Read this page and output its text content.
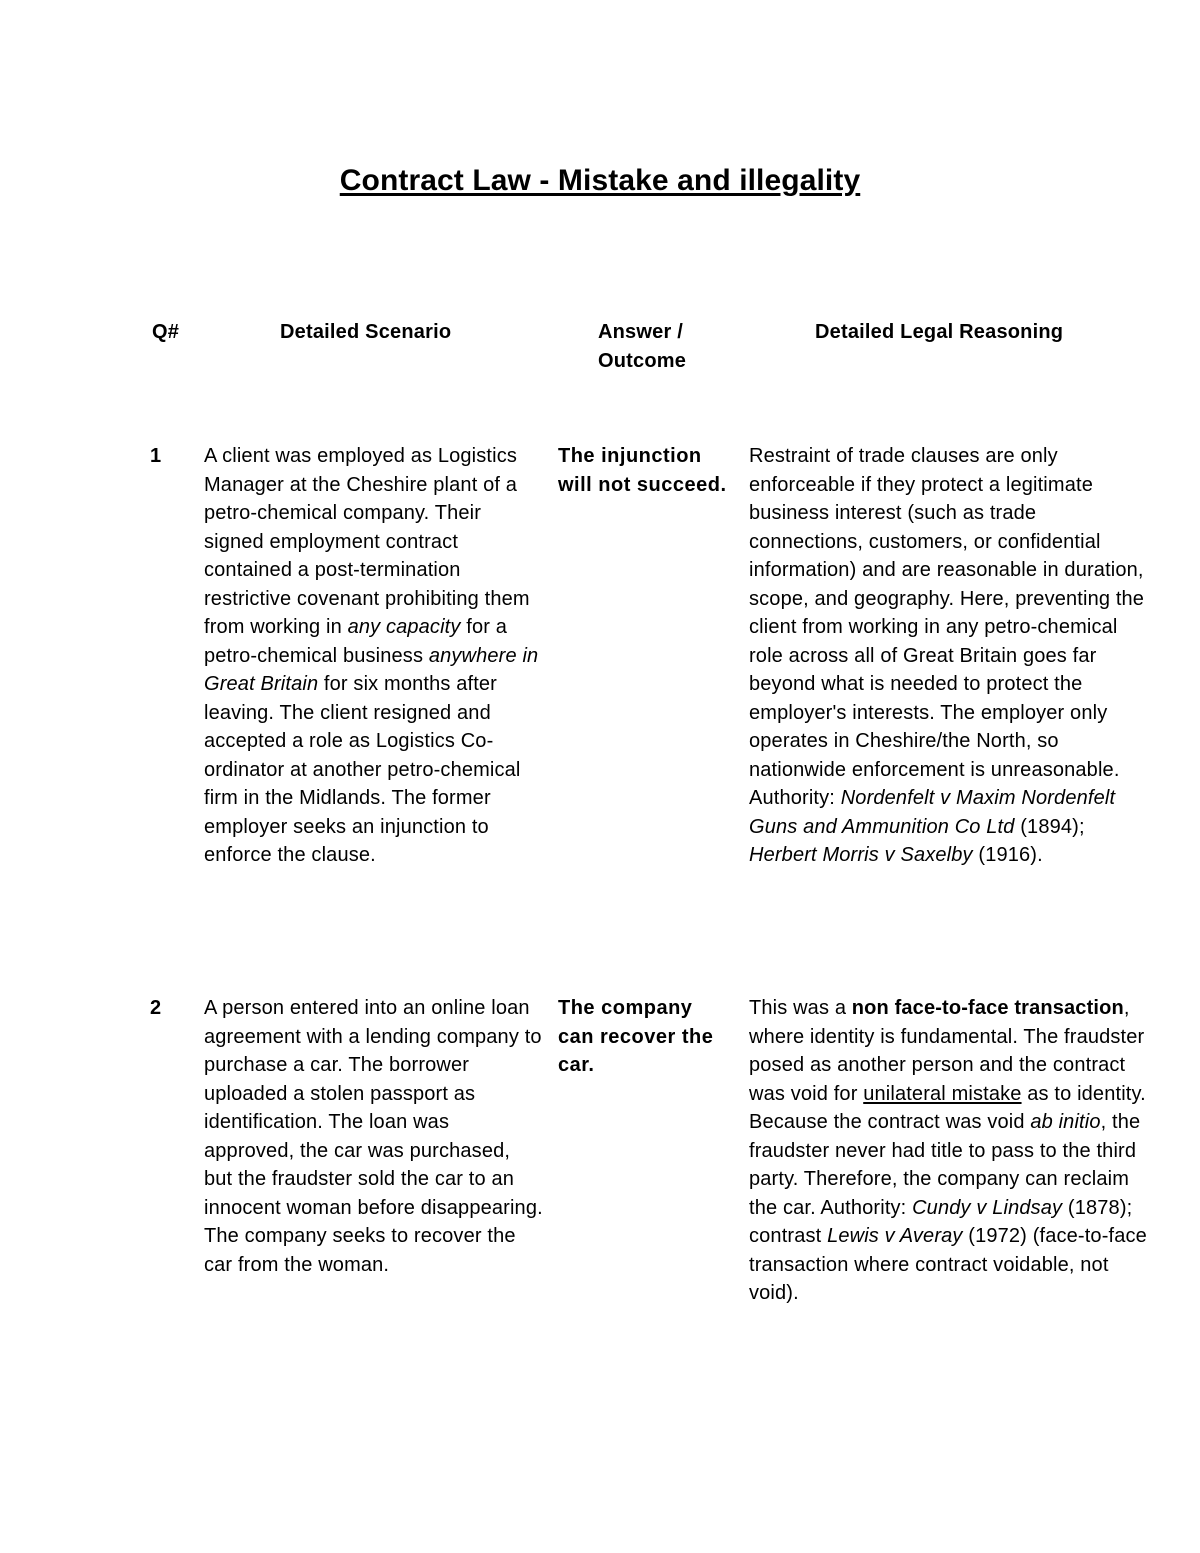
Contract Law - Mistake and illegality
Q#	Detailed Scenario	Answer /
Outcome
Detailed Legal Reasoning
1 A client was employed as Logistics Manager at the Cheshire plant of a petro-chemical company. Their signed employment contract contained a post-termination restrictive covenant prohibiting them from working in any capacity for a petro-chemical business anywhere in Great Britain for six months after leaving. The client resigned and accepted a role as Logistics Co-ordinator at another petro-chemical firm in the Midlands. The former employer seeks an injunction to enforce the clause.
The injunction will not succeed.
Restraint of trade clauses are only enforceable if they protect a legitimate business interest (such as trade connections, customers, or confidential information) and are reasonable in duration, scope, and geography. Here, preventing the client from working in any petro-chemical role across all of Great Britain goes far beyond what is needed to protect the employer's interests. The employer only operates in Cheshire/the North, so nationwide enforcement is unreasonable. Authority: Nordenfelt v Maxim Nordenfelt Guns and Ammunition Co Ltd (1894); Herbert Morris v Saxelby (1916).
2 A person entered into an online loan agreement with a lending company to purchase a car. The borrower uploaded a stolen passport as identification. The loan was approved, the car was purchased, but the fraudster sold the car to an innocent woman before disappearing. The company seeks to recover the car from the woman.
The company can recover the car.
This was a non face-to-face transaction, where identity is fundamental. The fraudster posed as another person and the contract was void for unilateral mistake as to identity. Because the contract was void ab initio, the fraudster never had title to pass to the third party. Therefore, the company can reclaim the car. Authority: Cundy v Lindsay (1878); contrast Lewis v Averay (1972) (face-to-face transaction where contract voidable, not void).
